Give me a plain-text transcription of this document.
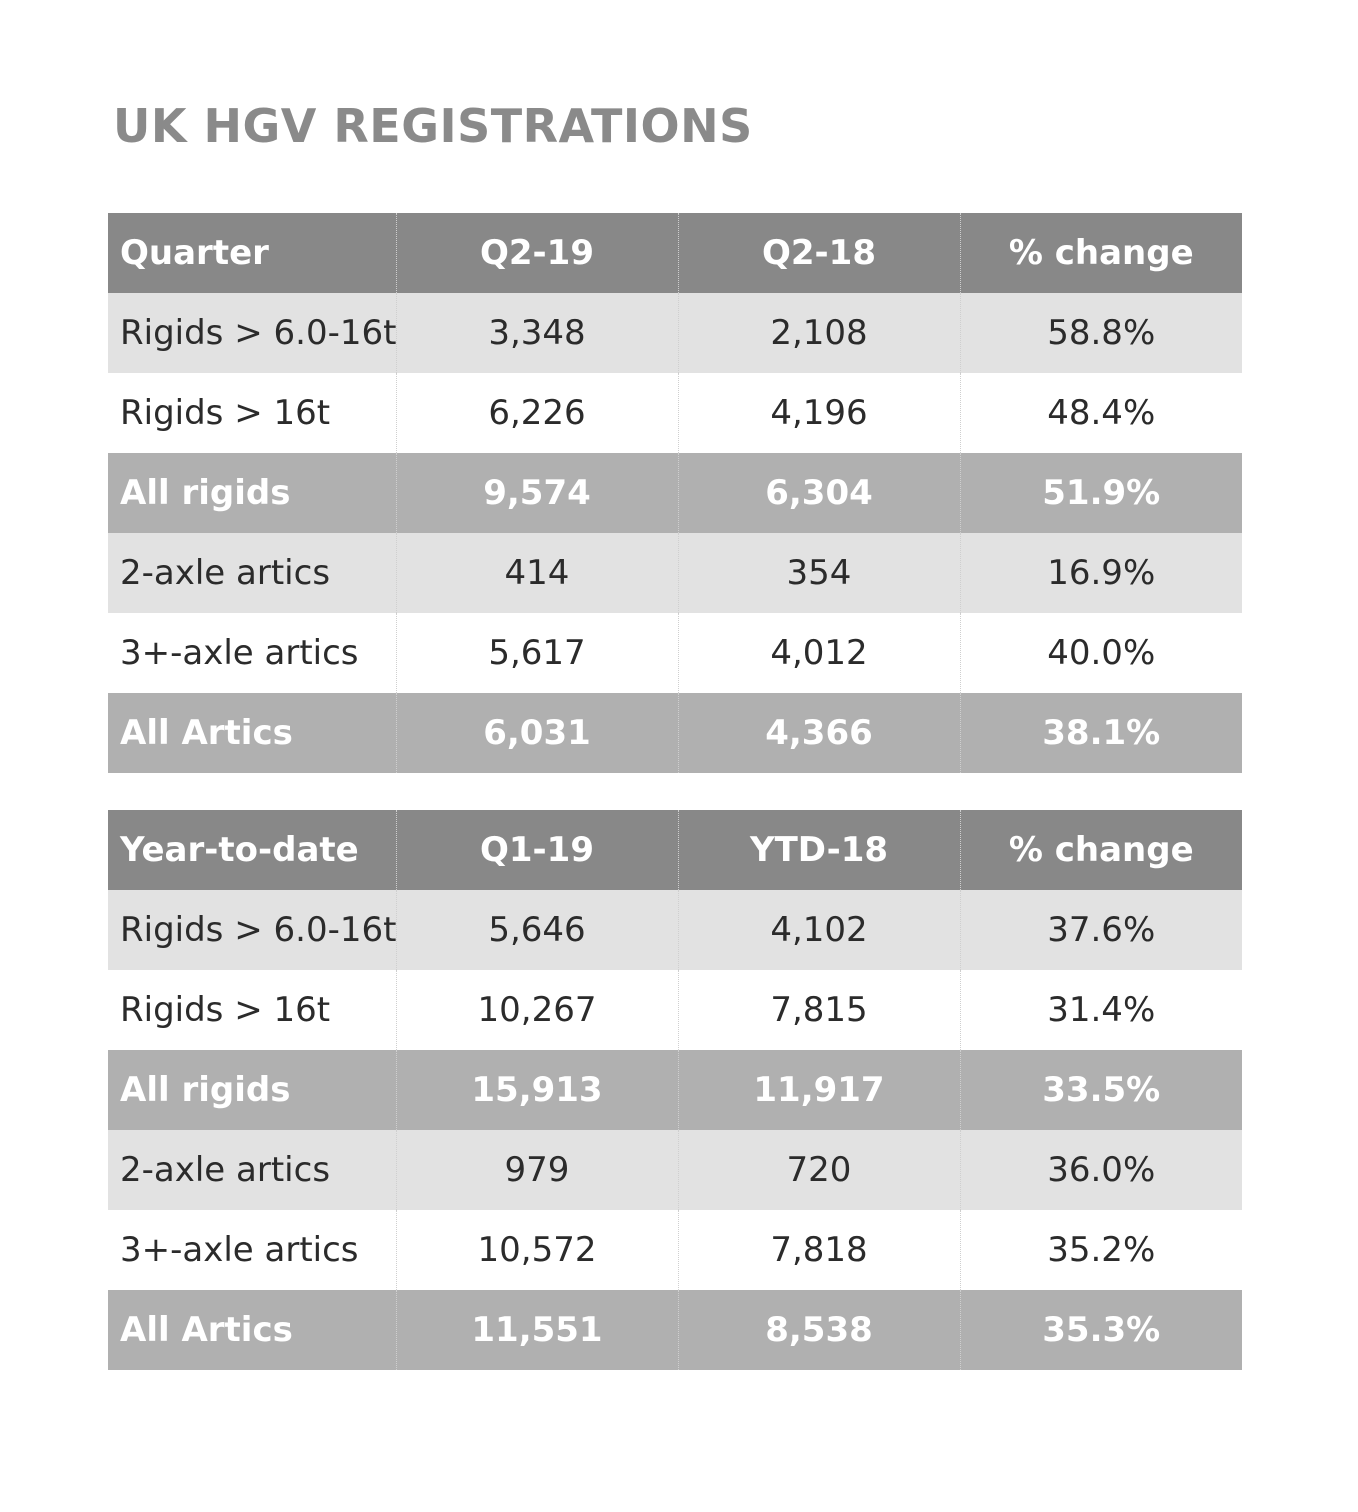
UK HGV REGISTRATIONS
Quarter	Q2-19	Q2-18	% change
Rigids > 6.0-16t	3,348	2,108	58.8%
Rigids > 16t	6,226	4,196	48.4%
All rigids	9,574	6,304	51.9%
2-axle artics	414	354	16.9%
3+-axle artics	5,617	4,012	40.0%
All Artics	6,031	4,366	38.1%
Year-to-date	Q1-19	YTD-18	% change
Rigids > 6.0-16t	5,646	4,102	37.6%
Rigids > 16t	10,267	7,815	31.4%
All rigids	15,913	11,917	33.5%
2-axle artics	979	720	36.0%
3+-axle artics	10,572	7,818	35.2%
All Artics	11,551	8,538	35.3%
